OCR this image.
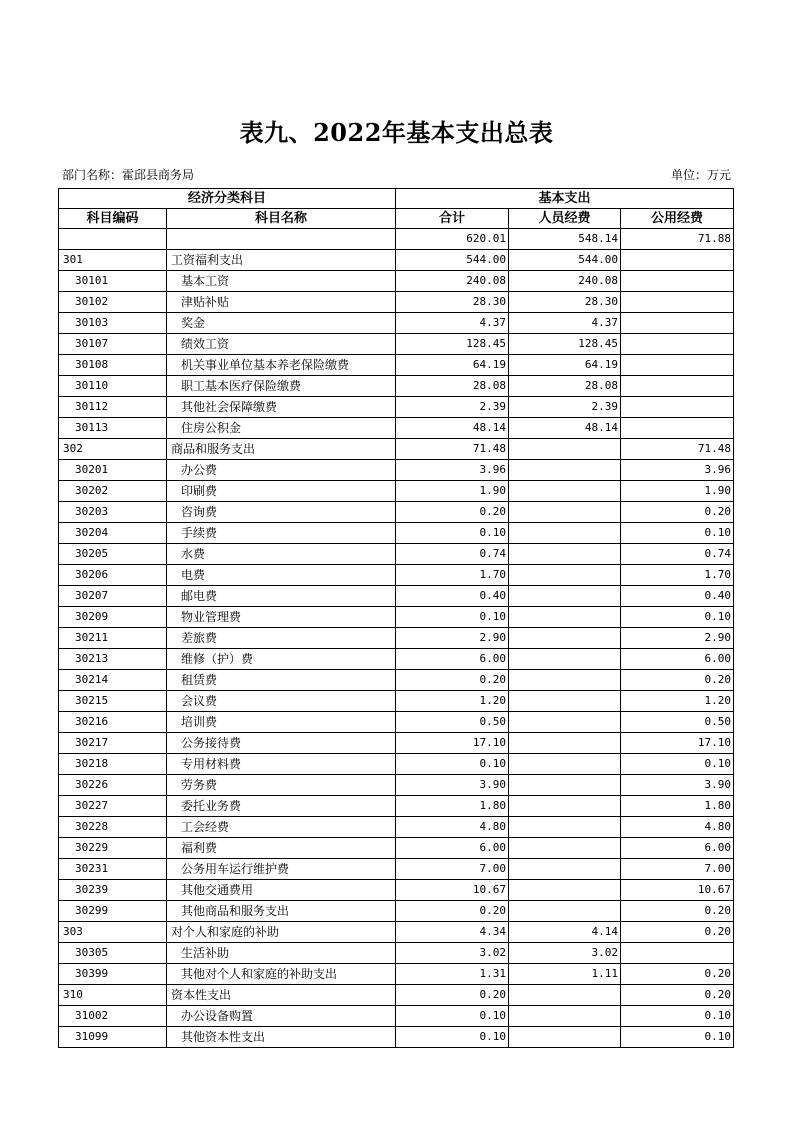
表九、2022年基本支出总表
部门名称：霍邱县商务局	单位：万元
经济分类科目		基本支出		
科目编码	科目名称	合计	人员经费	公用经费
		620.01	548.14	71.88
301	工资福利支出	544.00	544.00	
30101	基本工资	240.08	240.08	
30102	津贴补贴	28.30	28.30	
30103	奖金	4.37	4.37	
30107	绩效工资	128.45	128.45	
30108	机关事业单位基本养老保险缴费	64.19	64.19	
30110	职工基本医疗保险缴费	28.08	28.08	
30112	其他社会保障缴费	2.39	2.39	
30113	住房公积金	48.14	48.14	
302	商品和服务支出	71.48		71.48
30201	办公费	3.96		3.96
30202	印刷费	1.90		1.90
30203	咨询费	0.20		0.20
30204	手续费	0.10		0.10
30205	水费	0.74		0.74
30206	电费	1.70		1.70
30207	邮电费	0.40		0.40
30209	物业管理费	0.10		0.10
30211	差旅费	2.90		2.90
30213	维修（护）费	6.00		6.00
30214	租赁费	0.20		0.20
30215	会议费	1.20		1.20
30216	培训费	0.50		0.50
30217	公务接待费	17.10		17.10
30218	专用材料费	0.10		0.10
30226	劳务费	3.90		3.90
30227	委托业务费	1.80		1.80
30228	工会经费	4.80		4.80
30229	福利费	6.00		6.00
30231	公务用车运行维护费	7.00		7.00
30239	其他交通费用	10.67		10.67
30299	其他商品和服务支出	0.20		0.20
303	对个人和家庭的补助	4.34	4.14	0.20
30305	生活补助	3.02	3.02	
30399	其他对个人和家庭的补助支出	1.31	1.11	0.20
310	资本性支出	0.20		0.20
31002	办公设备购置	0.10		0.10
31099	其他资本性支出	0.10		0.10
